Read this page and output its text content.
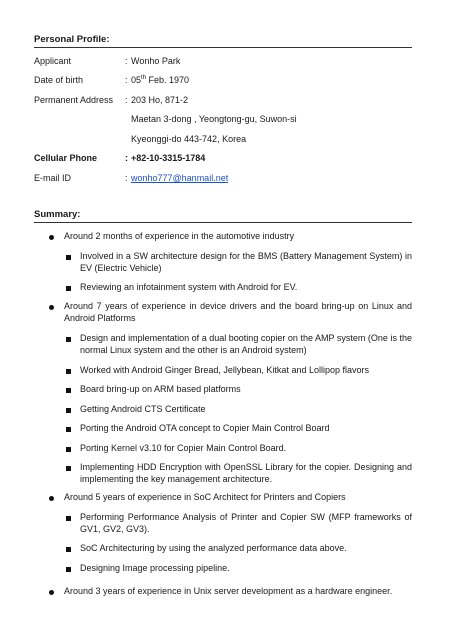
Personal Profile:
Applicant	: Wonho Park
Date of birth	: 05th Feb. 1970
Permanent Address : 203 Ho, 871-2
Maetan 3-dong , Yeongtong-gu, Suwon-si
Kyeonggi-do 443-742, Korea
Cellular Phone	: +82-10-3315-1784
E-mail ID	: wonho777@hanmail.net
Summary:
Around 2 months of experience in the automotive industry
Involved in a SW architecture design for the BMS (Battery Management System) in EV (Electric Vehicle)
Reviewing an infotainment system with Android for EV.
Around 7 years of experience in device drivers and the board bring-up on Linux and Android Platforms
Design and implementation of a dual booting copier on the AMP system (One is the normal Linux system and the other is an Android system)
Worked with Android Ginger Bread, Jellybean, Kitkat and Lollipop flavors
Board bring-up on ARM based platforms
Getting Android CTS Certificate
Porting the Android OTA concept to Copier Main Control Board
Porting Kernel v3.10 for Copier Main Control Board.
Implementing HDD Encryption with OpenSSL Library for the copier. Designing and implementing the key management architecture.
Around 5 years of experience in SoC Architect for Printers and Copiers
Performing Performance Analysis of Printer and Copier SW (MFP frameworks of GV1, GV2, GV3).
SoC Architecturing by using the analyzed performance data above.
Designing Image processing pipeline.
Around 3 years of experience in Unix server development as a hardware engineer.
